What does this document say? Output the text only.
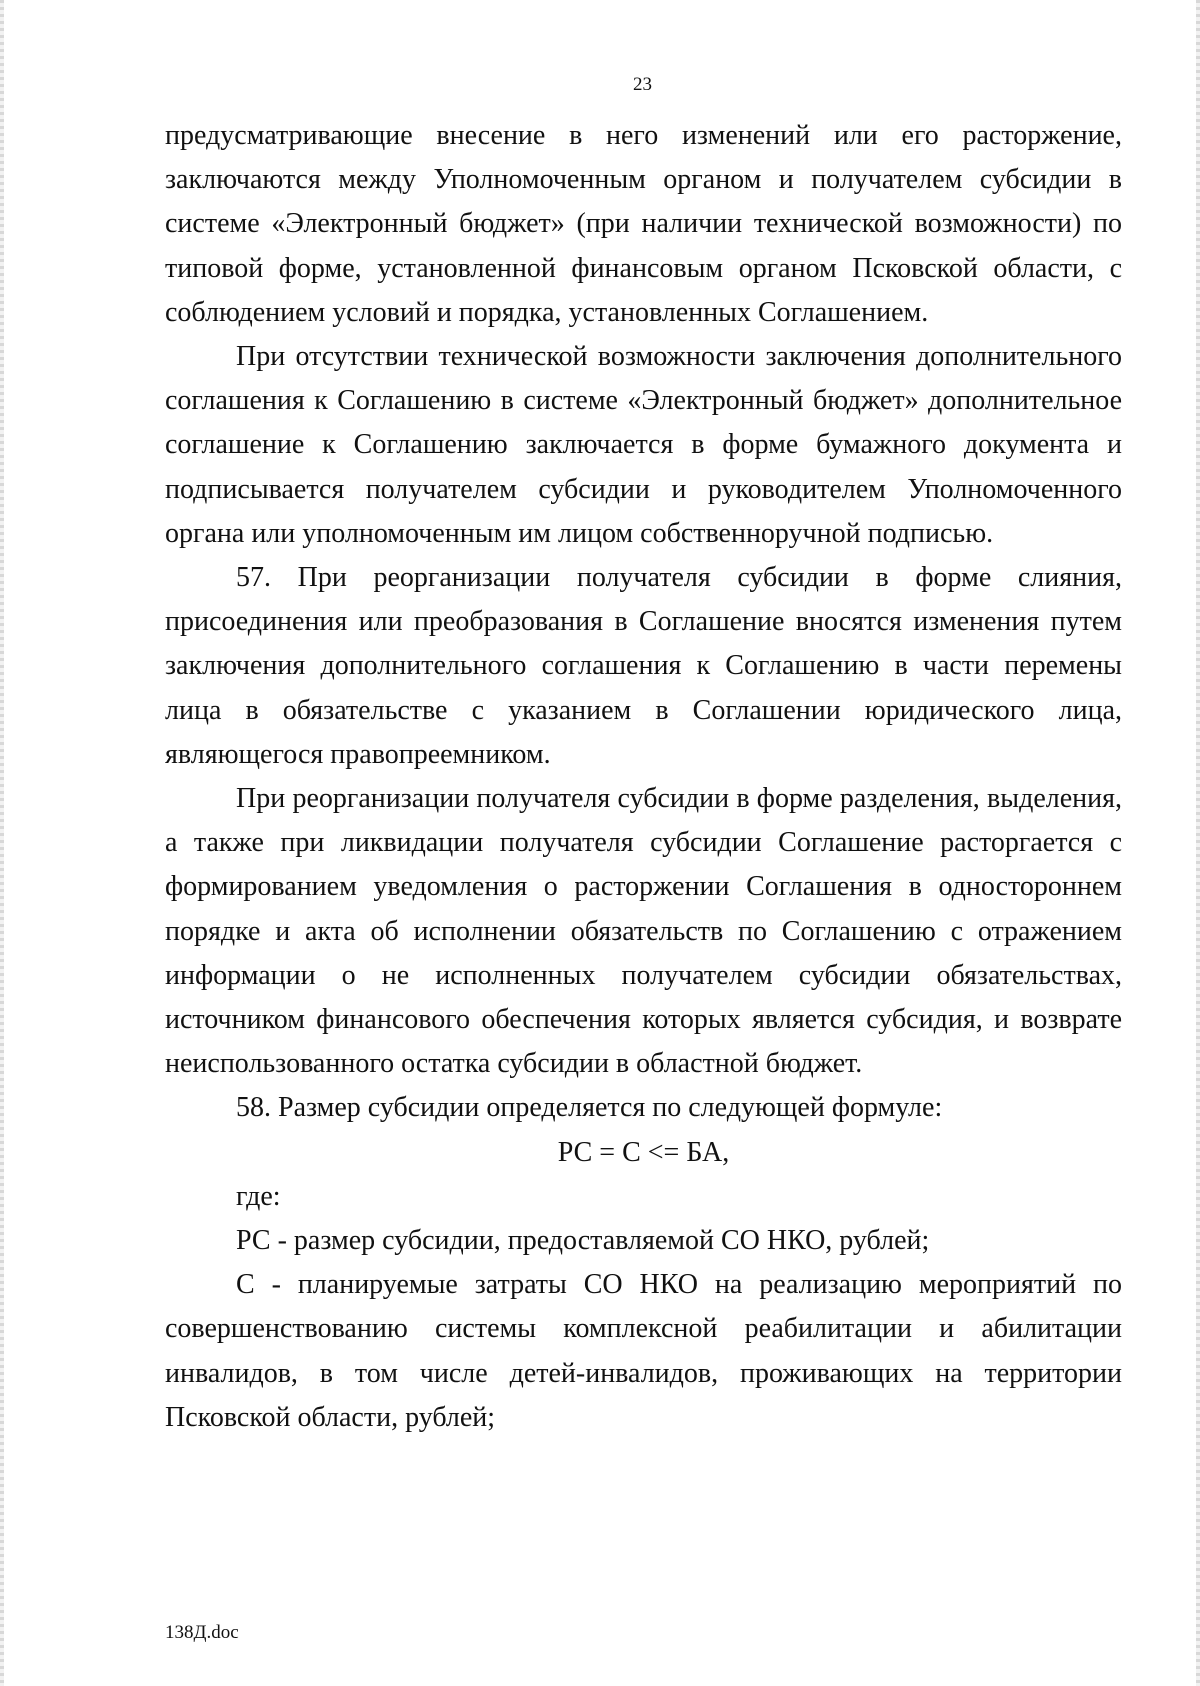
23

предусматривающие внесение в него изменений или его расторжение, заключаются между Уполномоченным органом и получателем субсидии в системе «Электронный бюджет» (при наличии технической возможности) по типовой форме, установленной финансовым органом Псковской области, с соблюдением условий и порядка, установленных Соглашением.

При отсутствии технической возможности заключения дополнительного соглашения к Соглашению в системе «Электронный бюджет» дополнительное соглашение к Соглашению заключается в форме бумажного документа и подписывается получателем субсидии и руководителем Уполномоченного органа или уполномоченным им лицом собственноручной подписью.

57. При реорганизации получателя субсидии в форме слияния, присоединения или преобразования в Соглашение вносятся изменения путем заключения дополнительного соглашения к Соглашению в части перемены лица в обязательстве с указанием в Соглашении юридического лица, являющегося правопреемником.

При реорганизации получателя субсидии в форме разделения, выделения, а также при ликвидации получателя субсидии Соглашение расторгается с формированием уведомления о расторжении Соглашения в одностороннем порядке и акта об исполнении обязательств по Соглашению с отражением информации о не исполненных получателем субсидии обязательствах, источником финансового обеспечения которых является субсидия, и возврате неиспользованного остатка субсидии в областной бюджет.

58. Размер субсидии определяется по следующей формуле:

РС = С <= БА,

где:

РС - размер субсидии, предоставляемой СО НКО, рублей;

С - планируемые затраты СО НКО на реализацию мероприятий по совершенствованию системы комплексной реабилитации и абилитации инвалидов, в том числе детей-инвалидов, проживающих на территории Псковской области, рублей;

138Д.doc
